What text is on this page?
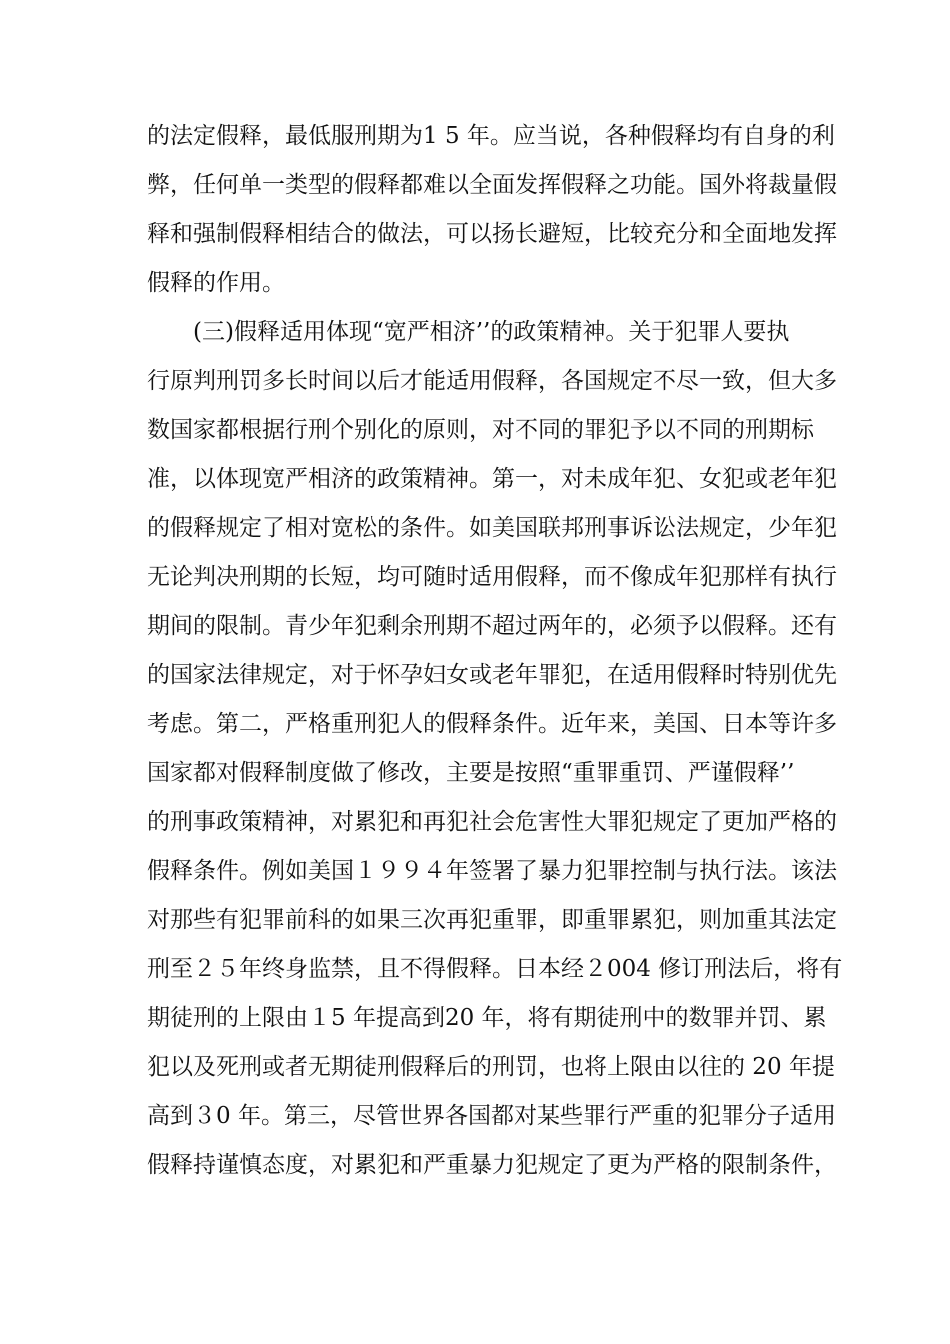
的法定假释，最低服刑期为1 5 年。应当说，各种假释均有自身的利
弊，任何单一类型的假释都难以全面发挥假释之功能。国外将裁量假
释和强制假释相结合的做法，可以扬长避短，比较充分和全面地发挥
假释的作用。
(三)假释适用体现“宽严相济’’的政策精神。关于犯罪人要执
行原判刑罚多长时间以后才能适用假释，各国规定不尽一致，但大多
数国家都根据行刑个别化的原则，对不同的罪犯予以不同的刑期标
准，以体现宽严相济的政策精神。第一，对未成年犯、女犯或老年犯
的假释规定了相对宽松的条件。如美国联邦刑事诉讼法规定，少年犯
无论判决刑期的长短，均可随时适用假释，而不像成年犯那样有执行
期间的限制。青少年犯剩余刑期不超过两年的，必须予以假释。还有
的国家法律规定，对于怀孕妇女或老年罪犯，在适用假释时特别优先
考虑。第二，严格重刑犯人的假释条件。近年来，美国、日本等许多
国家都对假释制度做了修改，主要是按照“重罪重罚、严谨假释’’
的刑事政策精神，对累犯和再犯社会危害性大罪犯规定了更加严格的
假释条件。例如美国１９９４年签署了暴力犯罪控制与执行法。该法
对那些有犯罪前科的如果三次再犯重罪，即重罪累犯，则加重其法定
刑至２５年终身监禁，且不得假释。日本经２004 修订刑法后，将有
期徒刑的上限由１5 年提高到20 年，将有期徒刑中的数罪并罚、累
犯以及死刑或者无期徒刑假释后的刑罚，也将上限由以往的 20 年提
高到３0 年。第三，尽管世界各国都对某些罪行严重的犯罪分子适用
假释持谨慎态度，对累犯和严重暴力犯规定了更为严格的限制条件，
